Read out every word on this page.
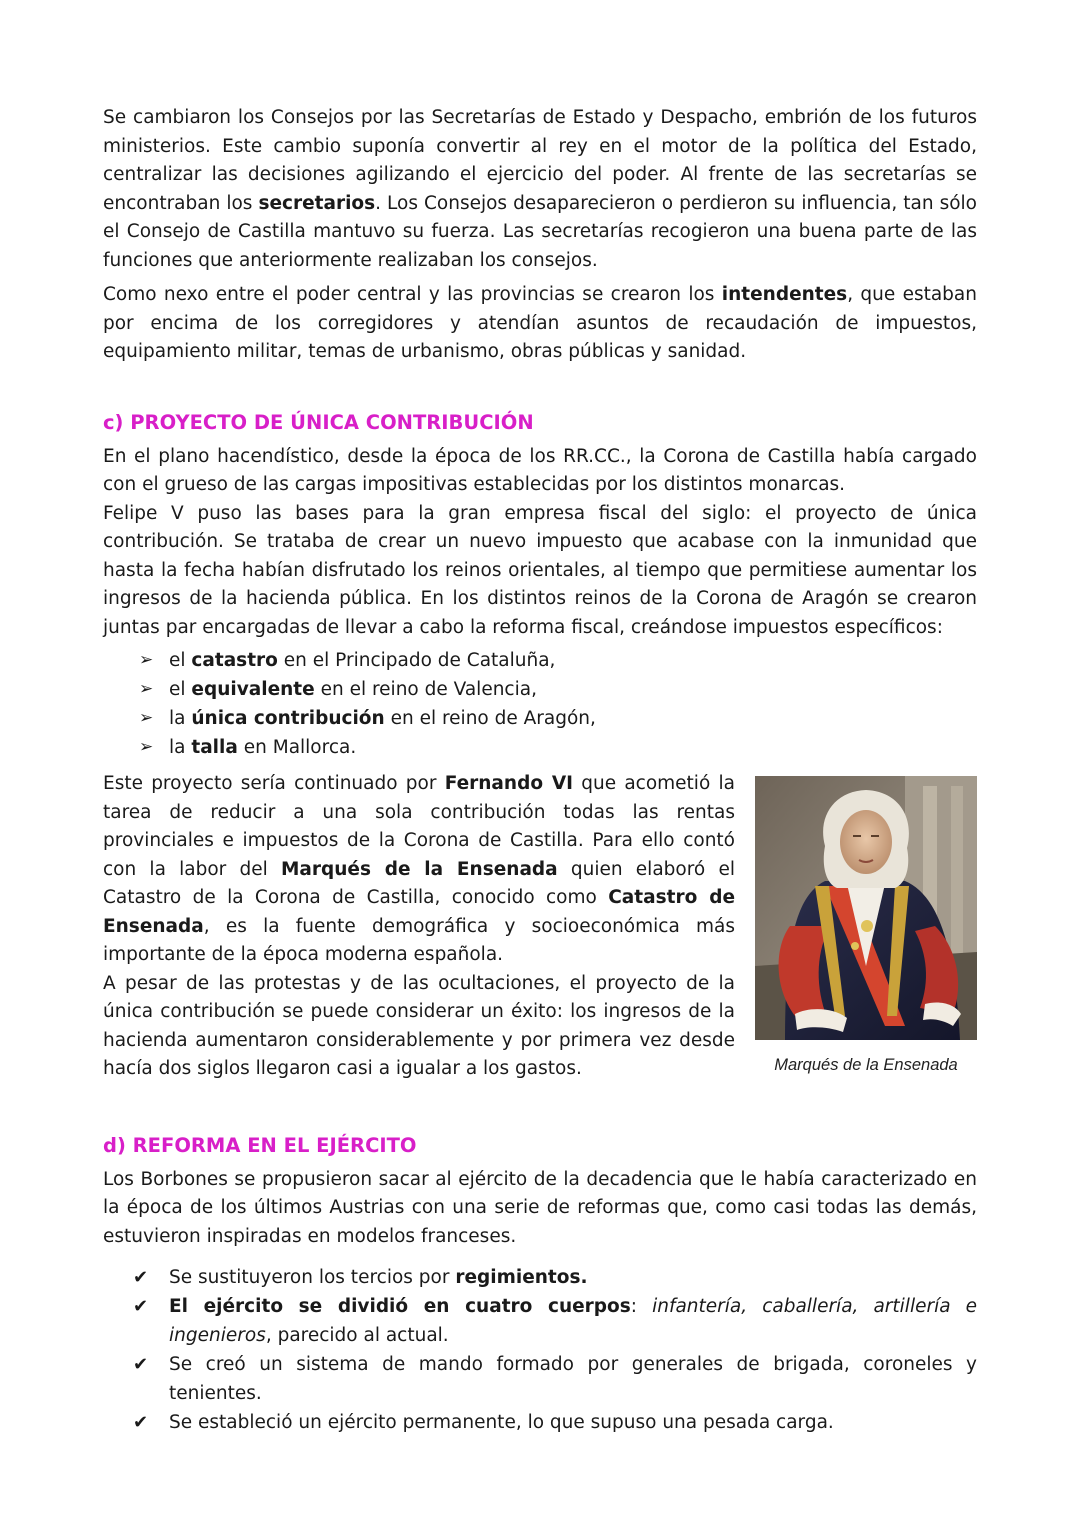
Se cambiaron los Consejos por las Secretarías de Estado y Despacho, embrión de los futuros ministerios. Este cambio suponía convertir al rey en el motor de la política del Estado, centralizar las decisiones agilizando el ejercicio del poder. Al frente de las secretarías se encontraban los secretarios. Los Consejos desaparecieron o perdieron su influencia, tan sólo el Consejo de Castilla mantuvo su fuerza. Las secretarías recogieron una buena parte de las funciones que anteriormente realizaban los consejos.

Como nexo entre el poder central y las provincias se crearon los intendentes, que estaban por encima de los corregidores y atendían asuntos de recaudación de impuestos, equipamiento militar, temas de urbanismo, obras públicas y sanidad.

c) PROYECTO DE ÚNICA CONTRIBUCIÓN

En el plano hacendístico, desde la época de los RR.CC., la Corona de Castilla había cargado con el grueso de las cargas impositivas establecidas por los distintos monarcas.

Felipe V puso las bases para la gran empresa fiscal del siglo: el proyecto de única contribución. Se trataba de crear un nuevo impuesto que acabase con la inmunidad que hasta la fecha habían disfrutado los reinos orientales, al tiempo que permitiese aumentar los ingresos de la hacienda pública. En los distintos reinos de la Corona de Aragón se crearon juntas par encargadas de llevar a cabo la reforma fiscal, creándose impuestos específicos:

➢ el catastro en el Principado de Cataluña,
➢ el equivalente en el reino de Valencia,
➢ la única contribución en el reino de Aragón,
➢ la talla en Mallorca.

Este proyecto sería continuado por Fernando VI que acometió la tarea de reducir a una sola contribución todas las rentas provinciales e impuestos de la Corona de Castilla. Para ello contó con la labor del Marqués de la Ensenada quien elaboró el Catastro de la Corona de Castilla, conocido como Catastro de Ensenada, es la fuente demográfica y socioeconómica más importante de la época moderna española.

A pesar de las protestas y de las ocultaciones, el proyecto de la única contribución se puede considerar un éxito: los ingresos de la hacienda aumentaron considerablemente y por primera vez desde hacía dos siglos llegaron casi a igualar a los gastos.	Marqués de la Ensenada
d) REFORMA EN EL EJÉRCITO

Los Borbones se propusieron sacar al ejército de la decadencia que le había caracterizado en la época de los últimos Austrias con una serie de reformas que, como casi todas las demás, estuvieron inspiradas en modelos franceses.

✔	Se sustituyeron los tercios por regimientos.
✔	El ejército se dividió en cuatro cuerpos: infantería, caballería, artillería e ingenieros, parecido al actual.
✔	Se creó un sistema de mando formado por generales de brigada, coroneles y tenientes.
✔	Se estableció un ejército permanente, lo que supuso una pesada carga.
